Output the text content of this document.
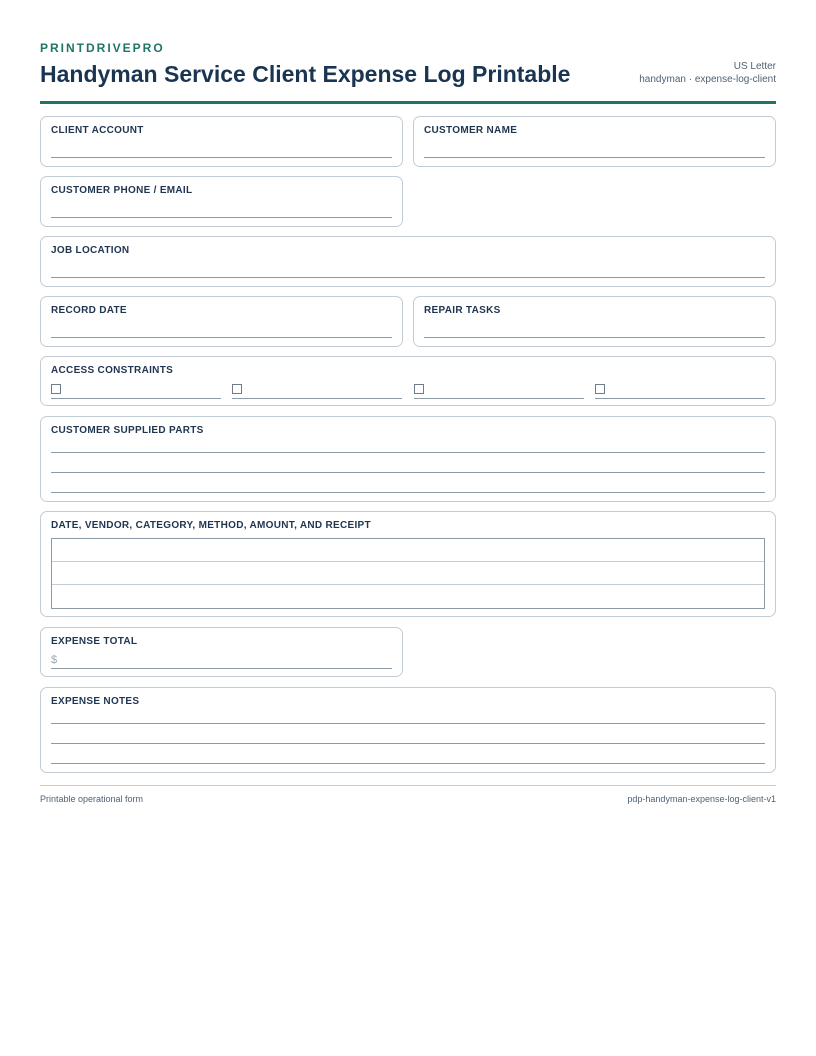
PRINTDRIVEPRO
Handyman Service Client Expense Log Printable	US Letter
handyman · expense-log-client
CLIENT ACCOUNT	CUSTOMER NAME
CUSTOMER PHONE / EMAIL
JOB LOCATION
RECORD DATE	REPAIR TASKS
ACCESS CONSTRAINTS
CUSTOMER SUPPLIED PARTS
DATE, VENDOR, CATEGORY, METHOD, AMOUNT, AND RECEIPT
EXPENSE TOTAL
$
EXPENSE NOTES
Printable operational form	pdp-handyman-expense-log-client-v1
